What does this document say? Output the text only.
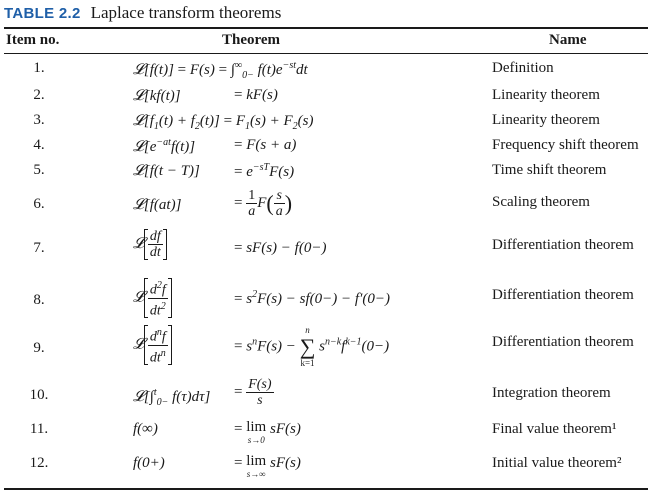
TABLE 2.2 Laplace transform theorems
Item no.	Theorem	Name
1.	𝓛[f(t)] = $F(s) = \int^\infty_{0-}$ $f(t)e^{-st}dt$	Definition
2.	𝓛[kf(t)]	= kF(s)	Linearity theorem
3.	$𝓛[f_1(t) + f_2(t)] = F_1(s) + F_2(s)$	Linearity theorem
4.	$𝓛[e^{-at}f(t)]$	= F(s + a)	Frequency shift theorem
5.	𝓛[f(t − $T)] = e^{-sT}F(s)$	Time shift theorem
6.	𝓛[f(at)]	= $\frac{1}{a} F( \frac{s}{a}$ )	Scaling theorem
7.	𝓛 $\frac{df}{dt}$	= sF(s) − f(0−)	Differentiation theorem
8.	𝓛 $\frac{d^2f}{dt^2}$	= $s^2F(s) - sf(0-) - f'(0-)$	Differentiation theorem
9.	𝓛 $\frac{d^nf}{dt^n}$	= $s^nF(s)$ −
n
∑
k=1
$s^{n-k}f^{k-1}(0-)$	Differentiation theorem
10.	𝓛[∫$^t_{0-}$ $f(\tau)d\tau] = \frac{F(s)}{s}$	Integration theorem
11.	f(∞)	= lim
s→0
sF(s)	Final value theorem¹
12.	f(0+)	= lim
s→∞
sF(s)	Initial value theorem²
